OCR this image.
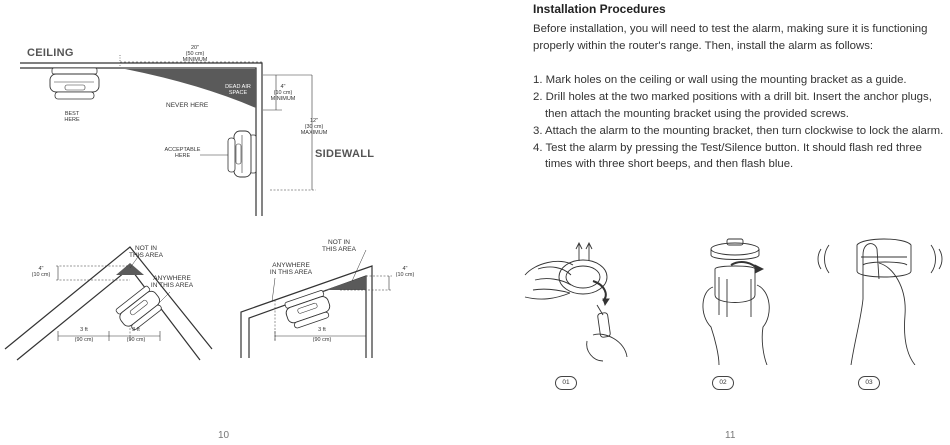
CEILING
SIDEWALL
20"
(50 cm)
MINIMUM
4"
(10 cm)
MINIMUM
12"
(30 cm)
MAXIMUM
DEAD AIR
SPACE
NEVER HERE
BEST
HERE
ACCEPTABLE
HERE
4"
(10 cm)
NOT IN
THIS AREA
ANYWHERE
IN THIS AREA
3 ft
(90 cm)
3 ft
(90 cm)
NOT IN
THIS AREA
ANYWHERE
IN THIS AREA	4"
(10 cm)
3 ft
(90 cm)
10
Installation Procedures
Before installation, you will need to test the alarm, making sure it is functioning properly within the router's range. Then, install the alarm as follows:
1. Mark holes on the ceiling or wall using the mounting bracket as a guide.
2. Drill holes at the two marked positions with a drill bit. Insert the anchor plugs, then attach the mounting bracket using the provided screws.
3. Attach the alarm to the mounting bracket, then turn clockwise to lock the alarm.
4. Test the alarm by pressing the Test/Silence button. It should flash red three times with three short beeps, and then flash blue.
01	02	03
11
